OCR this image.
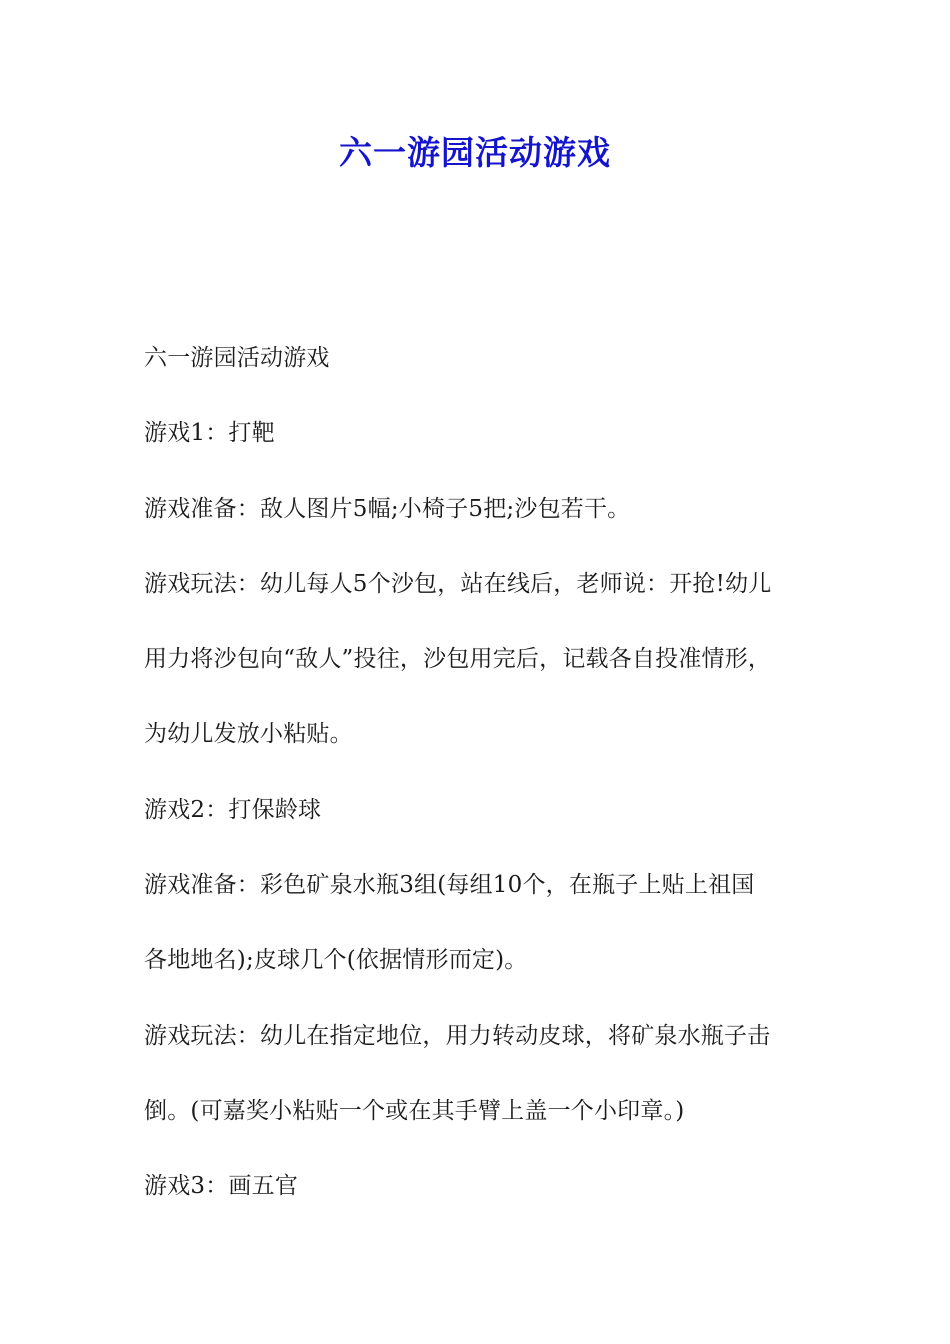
六一游园活动游戏
六一游园活动游戏
游戏1：打靶
游戏准备：敌人图片5幅;小椅子5把;沙包若干。
游戏玩法：幼儿每人5个沙包，站在线后，老师说：开抢!幼儿
用力将沙包向“敌人”投往，沙包用完后，记载各自投准情形，
为幼儿发放小粘贴。
游戏2：打保龄球
游戏准备：彩色矿泉水瓶3组(每组10个，在瓶子上贴上祖国
各地地名);皮球几个(依据情形而定)。
游戏玩法：幼儿在指定地位，用力转动皮球，将矿泉水瓶子击
倒。(可嘉奖小粘贴一个或在其手臂上盖一个小印章。)
游戏3：画五官
